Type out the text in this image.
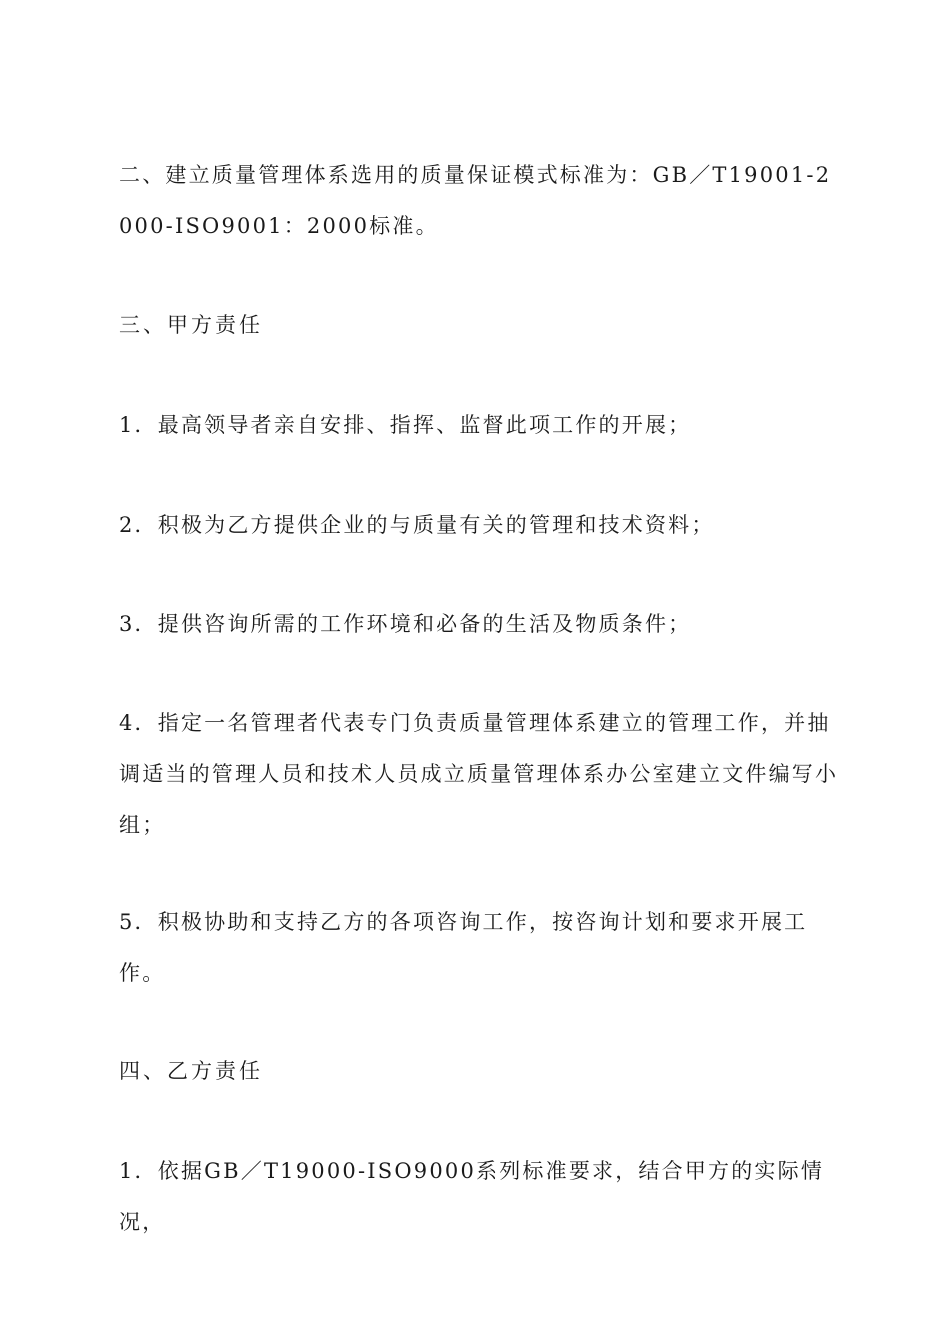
二、建立质量管理体系选用的质量保证模式标准为：GB／T19001-2000-ISO9001：2000标准。

三、甲方责任

1．最高领导者亲自安排、指挥、监督此项工作的开展；

2．积极为乙方提供企业的与质量有关的管理和技术资料；

3．提供咨询所需的工作环境和必备的生活及物质条件；

4．指定一名管理者代表专门负责质量管理体系建立的管理工作，并抽调适当的管理人员和技术人员成立质量管理体系办公室建立文件编写小组；

5．积极协助和支持乙方的各项咨询工作，按咨询计划和要求开展工作。

四、乙方责任

1．依据GB／T19000-ISO9000系列标准要求，结合甲方的实际情况，
